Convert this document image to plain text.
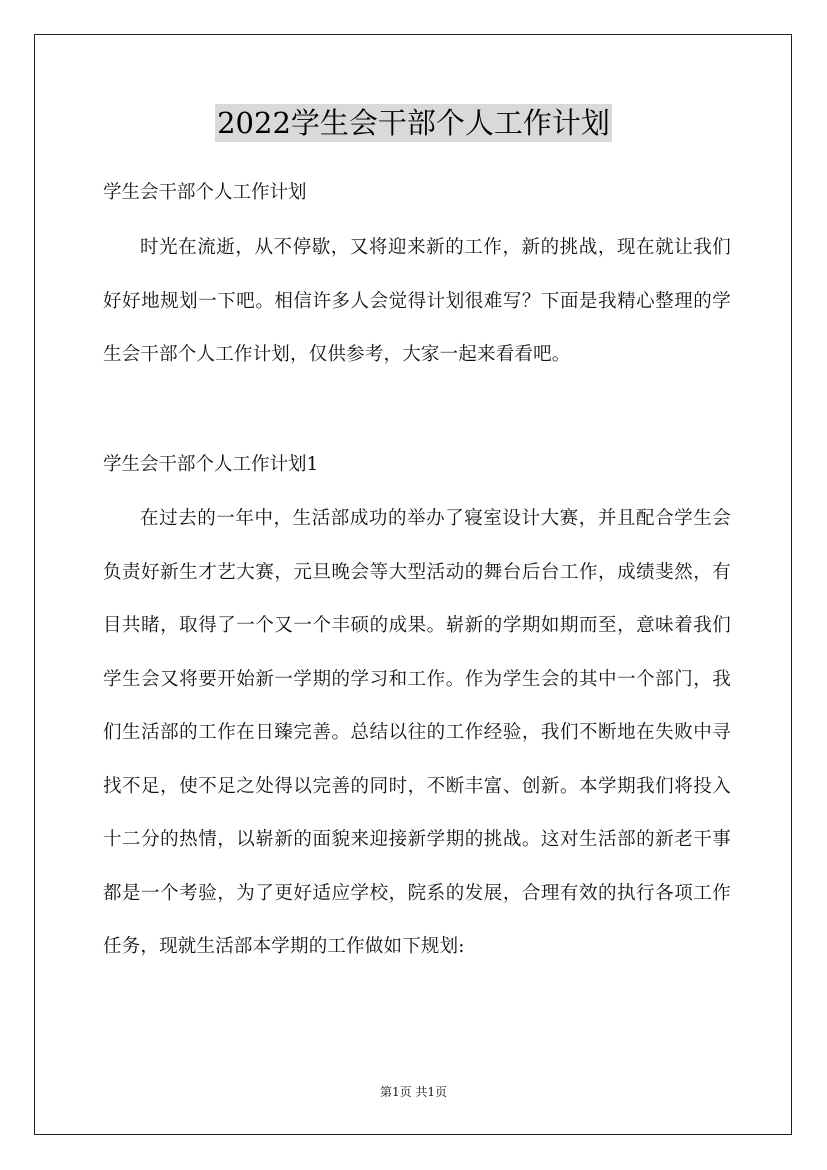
2022学生会干部个人工作计划
学生会干部个人工作计划
时光在流逝，从不停歇，又将迎来新的工作，新的挑战，现在就让我们好好地规划一下吧。相信许多人会觉得计划很难写？下面是我精心整理的学生会干部个人工作计划，仅供参考，大家一起来看看吧。
学生会干部个人工作计划1
在过去的一年中，生活部成功的举办了寝室设计大赛，并且配合学生会负责好新生才艺大赛，元旦晚会等大型活动的舞台后台工作，成绩斐然，有目共睹，取得了一个又一个丰硕的成果。崭新的学期如期而至，意味着我们学生会又将要开始新一学期的学习和工作。作为学生会的其中一个部门，我们生活部的工作在日臻完善。总结以往的工作经验，我们不断地在失败中寻找不足，使不足之处得以完善的同时，不断丰富、创新。本学期我们将投入十二分的热情，以崭新的面貌来迎接新学期的挑战。这对生活部的新老干事都是一个考验，为了更好适应学校，院系的发展，合理有效的执行各项工作任务，现就生活部本学期的工作做如下规划:
第1页 共1页
